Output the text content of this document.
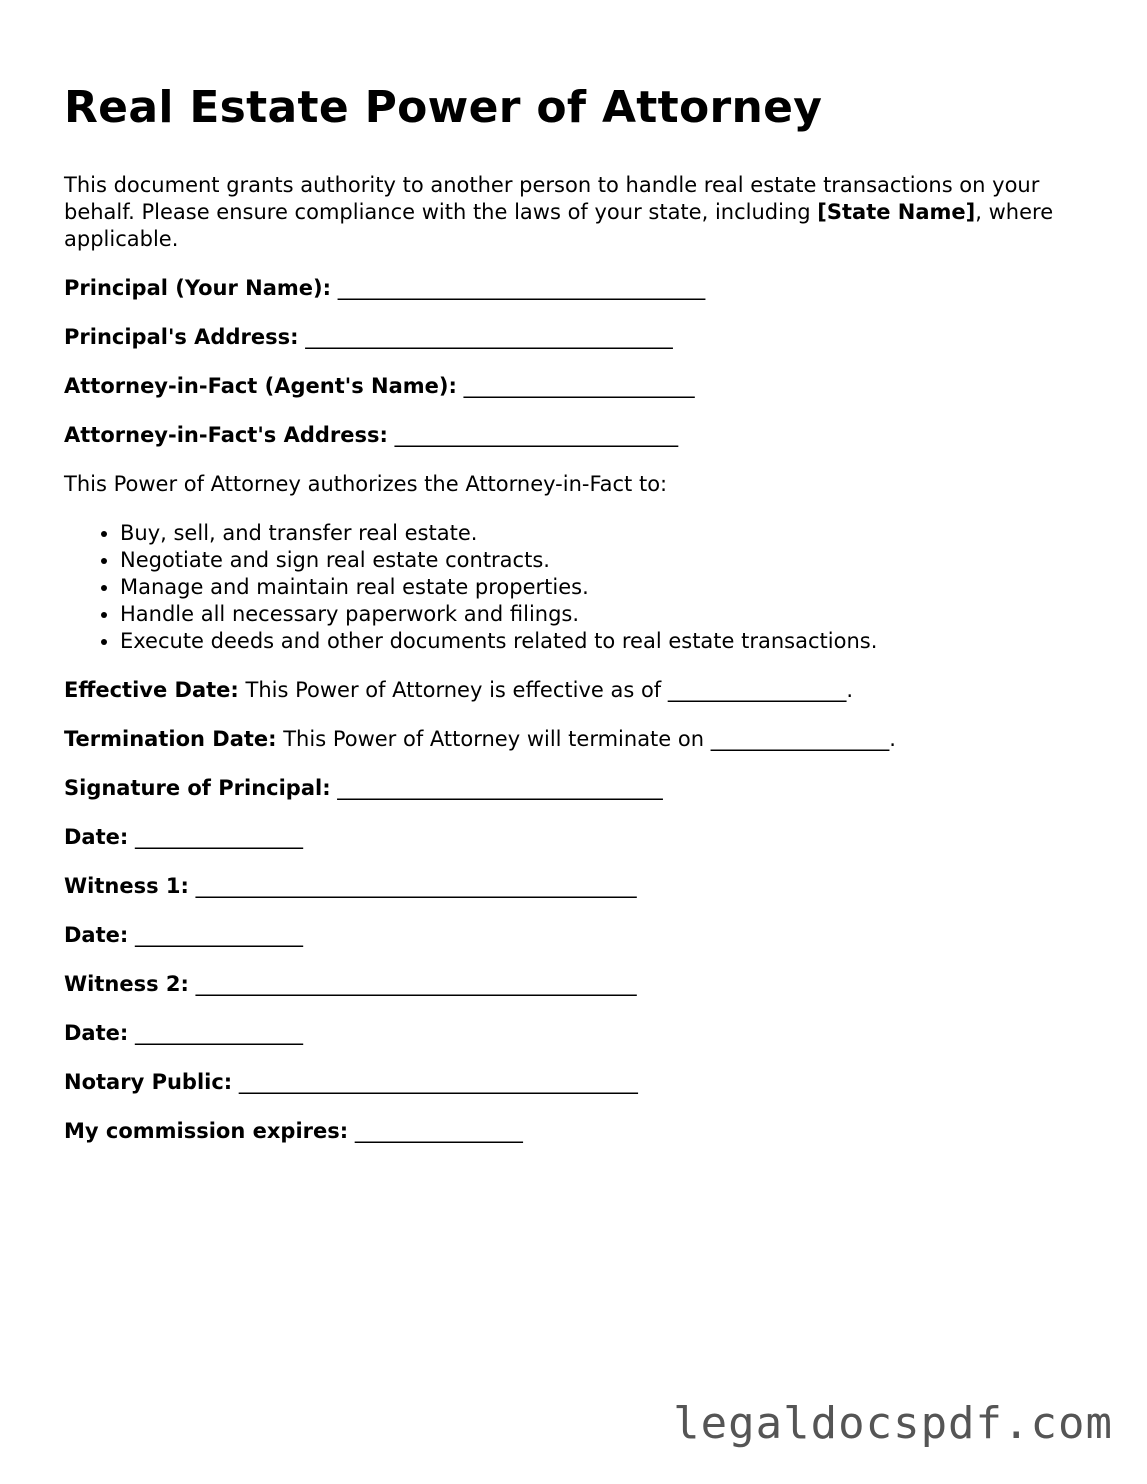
Real Estate Power of Attorney

This document grants authority to another person to handle real estate transactions on your behalf. Please ensure compliance with the laws of your state, including [State Name], where applicable.

Principal (Your Name): ___________________________________

Principal's Address: ___________________________________

Attorney-in-Fact (Agent's Name): ______________________

Attorney-in-Fact's Address: ___________________________

This Power of Attorney authorizes the Attorney-in-Fact to:

• Buy, sell, and transfer real estate.
• Negotiate and sign real estate contracts.
• Manage and maintain real estate properties.
• Handle all necessary paperwork and filings.
• Execute deeds and other documents related to real estate transactions.

Effective Date: This Power of Attorney is effective as of _________________.

Termination Date: This Power of Attorney will terminate on _________________.

Signature of Principal: _______________________________

Date: ________________

Witness 1: __________________________________________

Date: ________________

Witness 2: __________________________________________

Date: ________________

Notary Public: ______________________________________

My commission expires: ________________

legaldocspdf.com
